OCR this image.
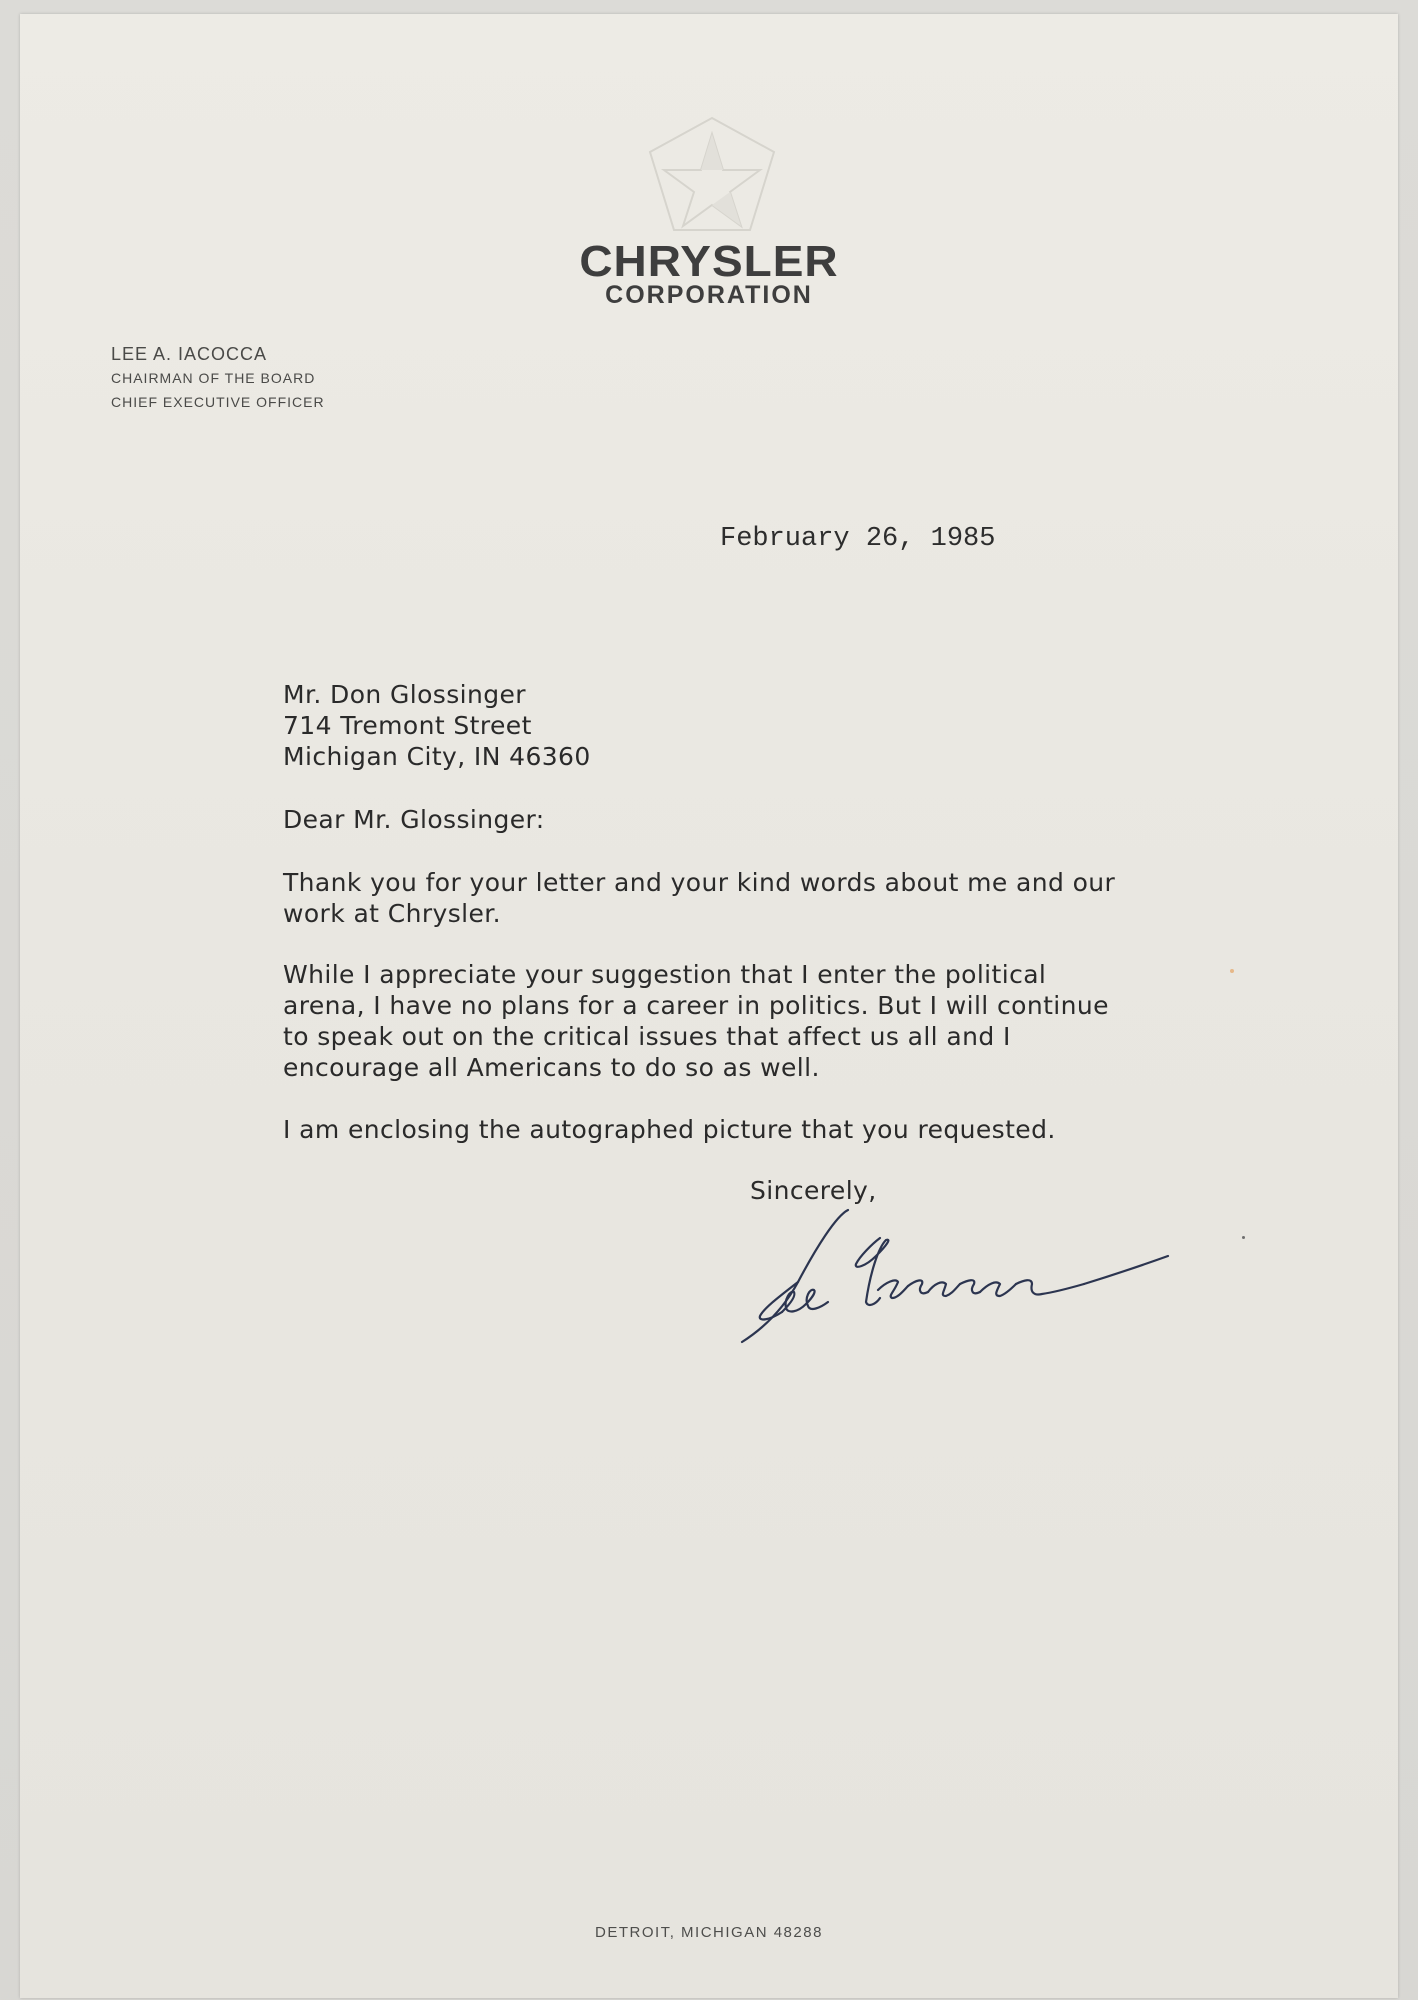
CHRYSLER
CORPORATION
LEE A. IACOCCA
CHAIRMAN OF THE BOARD
CHIEF EXECUTIVE OFFICER
February 26, 1985
Mr. Don Glossinger
714 Tremont Street
Michigan City, IN 46360
Dear Mr. Glossinger:
Thank you for your letter and your kind words about me and our
work at Chrysler.
While I appreciate your suggestion that I enter the political
arena, I have no plans for a career in politics. But I will continue
to speak out on the critical issues that affect us all and I
encourage all Americans to do so as well.
I am enclosing the autographed picture that you requested.
Sincerely,
DETROIT, MICHIGAN 48288
